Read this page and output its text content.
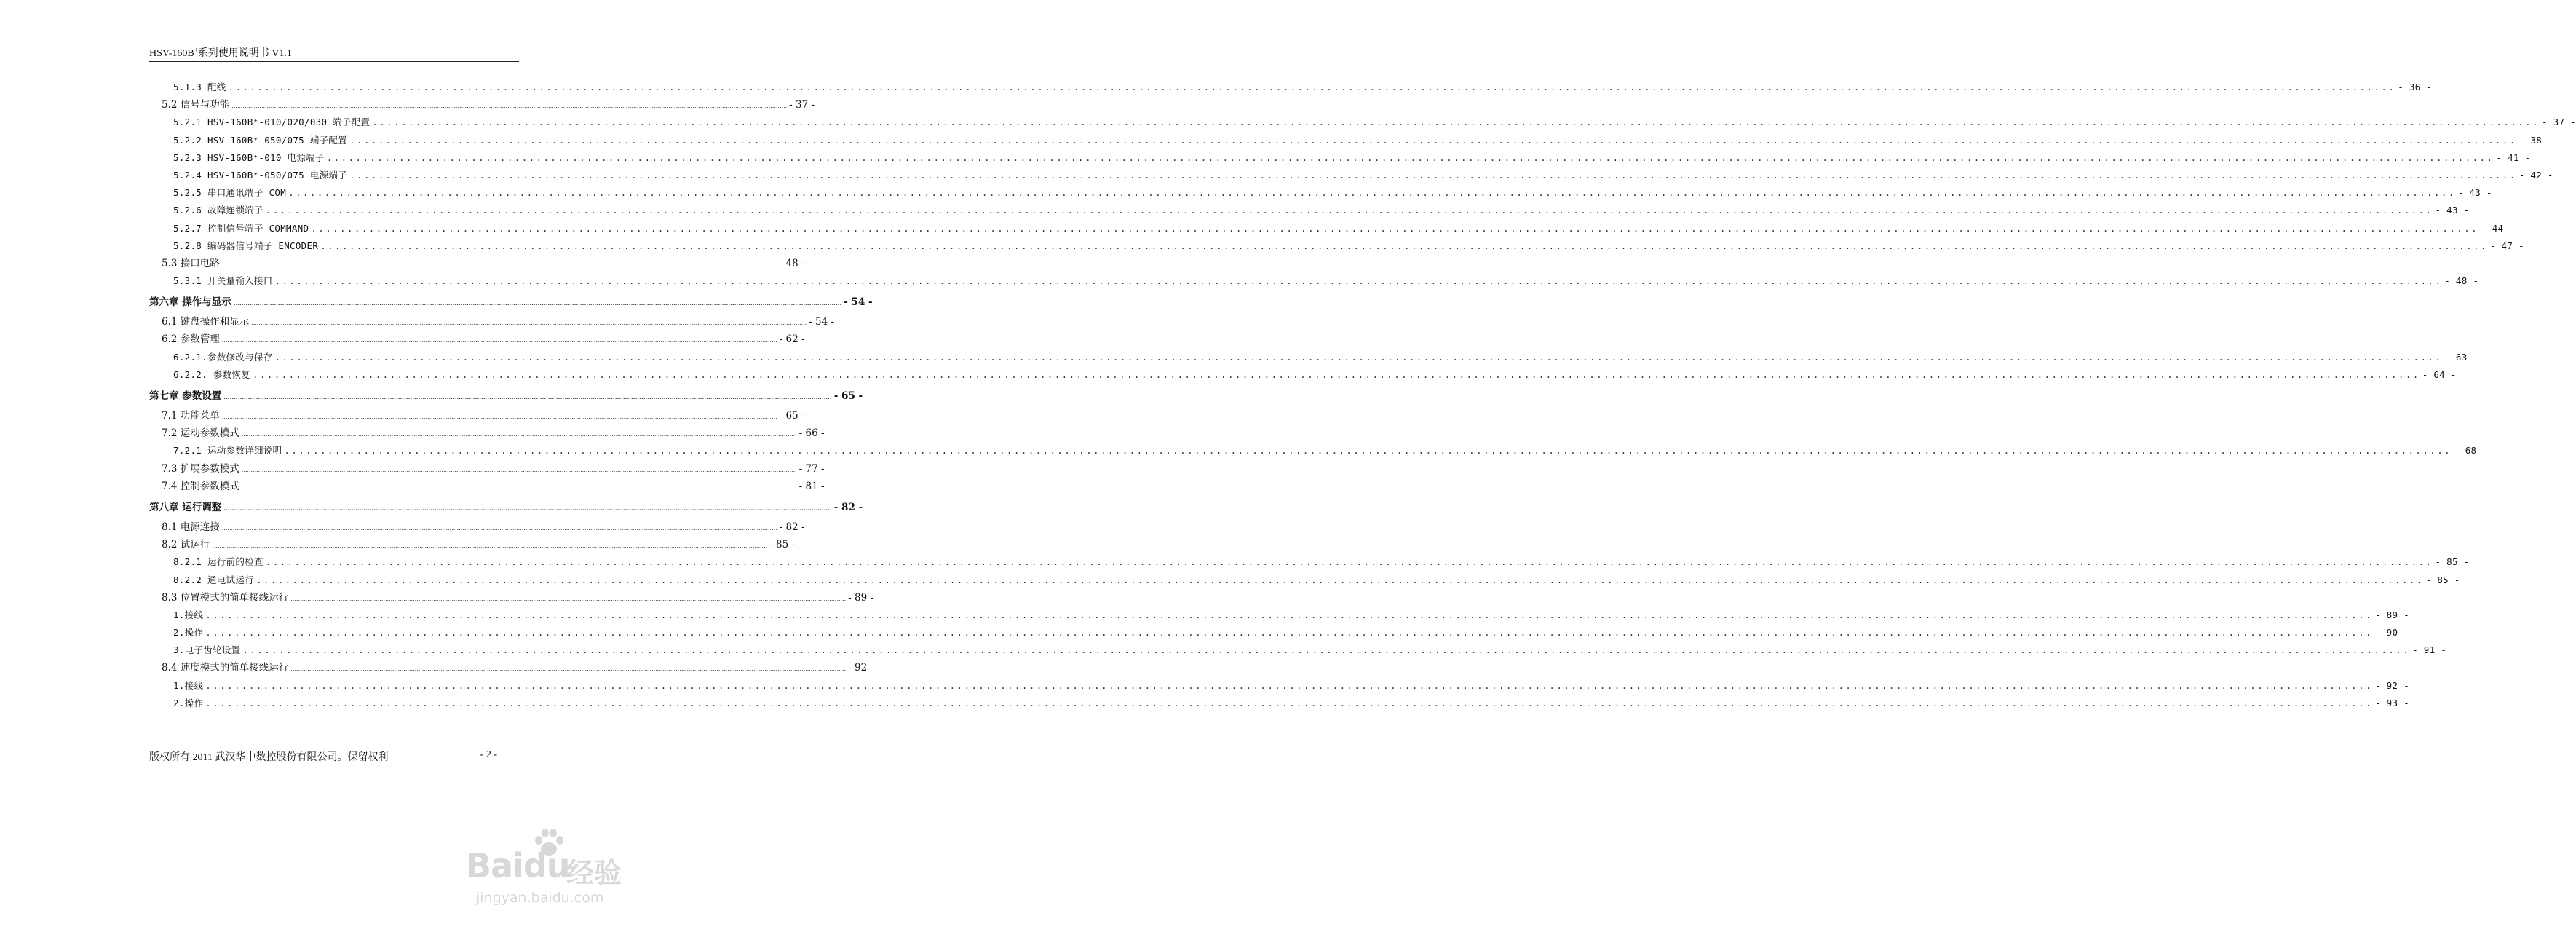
HSV-160B+系列使用说明书 V1.1
5.1.3 配线 ............................................................................................................................................................................................................................................................................................................ - 36 -
5.2 信号与功能 ............................................................................................................................................................................................................................................................................................................ - 37 -
5.2.1 HSV-160B⁺-010/020/030 端子配置 ............................................................................................................................................................................................................................................................................................................ - 37 -
5.2.2 HSV-160B⁺-050/075 端子配置 ............................................................................................................................................................................................................................................................................................................ - 38 -
5.2.3 HSV-160B⁺-010 电源端子 ............................................................................................................................................................................................................................................................................................................ - 41 -
5.2.4 HSV-160B⁺-050/075 电源端子 ............................................................................................................................................................................................................................................................................................................ - 42 -
5.2.5 串口通讯端子 COM ............................................................................................................................................................................................................................................................................................................ - 43 -
5.2.6 故障连锁端子 ............................................................................................................................................................................................................................................................................................................ - 43 -
5.2.7 控制信号端子 COMMAND ............................................................................................................................................................................................................................................................................................................ - 44 -
5.2.8 编码器信号端子 ENCODER ............................................................................................................................................................................................................................................................................................................ - 47 -
5.3 接口电路 ............................................................................................................................................................................................................................................................................................................ - 48 -
5.3.1 开关量输入接口 ............................................................................................................................................................................................................................................................................................................ - 48 -
第六章 操作与显示 ............................................................................................................................................................................................................................................................................................................ - 54 -
6.1 键盘操作和显示 ............................................................................................................................................................................................................................................................................................................ - 54 -
6.2 参数管理 ............................................................................................................................................................................................................................................................................................................ - 62 -
6.2.1.参数修改与保存 ............................................................................................................................................................................................................................................................................................................ - 63 -
6.2.2. 参数恢复 ............................................................................................................................................................................................................................................................................................................ - 64 -
第七章 参数设置 ............................................................................................................................................................................................................................................................................................................ - 65 -
7.1 功能菜单 ............................................................................................................................................................................................................................................................................................................ - 65 -
7.2 运动参数模式 ............................................................................................................................................................................................................................................................................................................ - 66 -
7.2.1 运动参数详细说明 ............................................................................................................................................................................................................................................................................................................ - 68 -
7.3 扩展参数模式 ............................................................................................................................................................................................................................................................................................................ - 77 -
7.4 控制参数模式 ............................................................................................................................................................................................................................................................................................................ - 81 -
第八章 运行调整 ............................................................................................................................................................................................................................................................................................................ - 82 -
8.1 电源连接 ............................................................................................................................................................................................................................................................................................................ - 82 -
8.2 试运行 ............................................................................................................................................................................................................................................................................................................ - 85 -
8.2.1 运行前的检查 ............................................................................................................................................................................................................................................................................................................ - 85 -
8.2.2 通电试运行 ............................................................................................................................................................................................................................................................................................................ - 85 -
8.3 位置模式的简单接线运行 ............................................................................................................................................................................................................................................................................................................ - 89 -
1.接线 ............................................................................................................................................................................................................................................................................................................ - 89 -
2.操作 ............................................................................................................................................................................................................................................................................................................ - 90 -
3.电子齿轮设置 ............................................................................................................................................................................................................................................................................................................ - 91 -
8.4 速度模式的简单接线运行 ............................................................................................................................................................................................................................................................................................................ - 92 -
1.接线 ............................................................................................................................................................................................................................................................................................................ - 92 -
2.操作 ............................................................................................................................................................................................................................................................................................................ - 93 -
版权所有 2011 武汉华中数控股份有限公司。保留权利	- 2 -
Baidu
经验
jingyan.baidu.com
